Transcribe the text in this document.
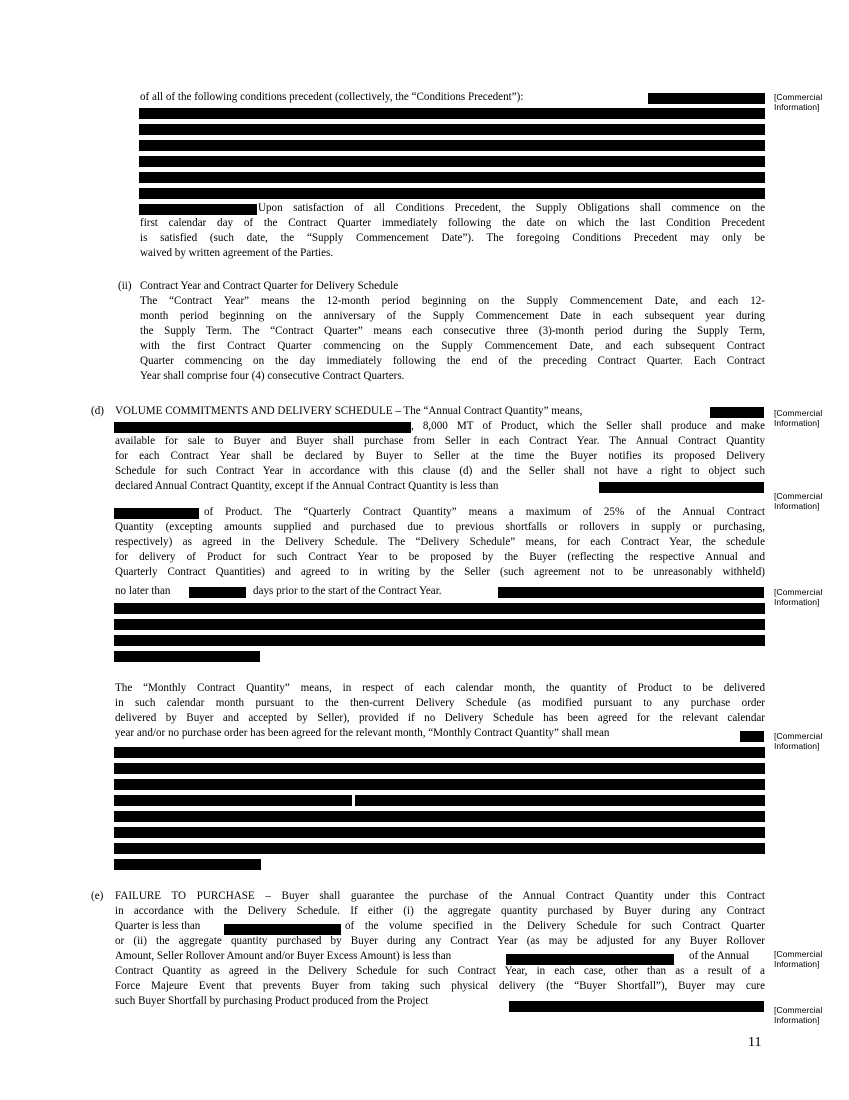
of all of the following conditions precedent (collectively, the “Conditions Precedent”):
Upon satisfaction of all Conditions Precedent, the Supply Obligations shall commence on the
first calendar day of the Contract Quarter immediately following the date on which the last Condition Precedent
is satisfied (such date, the “Supply Commencement Date”). The foregoing Conditions Precedent may only be
waived by written agreement of the Parties.
[Commercial
Information]
(ii) Contract Year and Contract Quarter for Delivery Schedule
The “Contract Year” means the 12-month period beginning on the Supply Commencement Date, and each 12-
month period beginning on the anniversary of the Supply Commencement Date in each subsequent year during
the Supply Term. The “Contract Quarter” means each consecutive three (3)-month period during the Supply Term,
with the first Contract Quarter commencing on the Supply Commencement Date, and each subsequent Contract
Quarter commencing on the day immediately following the end of the preceding Contract Quarter. Each Contract
Year shall comprise four (4) consecutive Contract Quarters.
(d) VOLUME COMMITMENTS AND DELIVERY SCHEDULE – The “Annual Contract Quantity” means,
, 8,000 MT of Product, which the Seller shall produce and make
available for sale to Buyer and Buyer shall purchase from Seller in each Contract Year. The Annual Contract Quantity
for each Contract Year shall be declared by Buyer to Seller at the time the Buyer notifies its proposed Delivery
Schedule for such Contract Year in accordance with this clause (d) and the Seller shall not have a right to object such
declared Annual Contract Quantity, except if the Annual Contract Quantity is less than
of Product. The “Quarterly Contract Quantity” means a maximum of 25% of the Annual Contract
Quantity (excepting amounts supplied and purchased due to previous shortfalls or rollovers in supply or purchasing,
respectively) as agreed in the Delivery Schedule. The “Delivery Schedule” means, for each Contract Year, the schedule
for delivery of Product for such Contract Year to be proposed by the Buyer (reflecting the respective Annual and
Quarterly Contract Quantities) and agreed to in writing by the Seller (such agreement not to be unreasonably withheld)
no later than	days prior to the start of the Contract Year.
[Commercial
Information]
[Commercial
Information]
[Commercial
Information]
The “Monthly Contract Quantity” means, in respect of each calendar month, the quantity of Product to be delivered
in such calendar month pursuant to the then-current Delivery Schedule (as modified pursuant to any purchase order
delivered by Buyer and accepted by Seller), provided if no Delivery Schedule has been agreed for the relevant calendar
year and/or no purchase order has been agreed for the relevant month, “Monthly Contract Quantity” shall mean	[Commercial
Information]
(e) FAILURE TO PURCHASE – Buyer shall guarantee the purchase of the Annual Contract Quantity under this Contract
in accordance with the Delivery Schedule. If either (i) the aggregate quantity purchased by Buyer during any Contract
Quarter is less than	of the volume specified in the Delivery Schedule for such Contract Quarter
or (ii) the aggregate quantity purchased by Buyer during any Contract Year (as may be adjusted for any Buyer Rollover
Amount, Seller Rollover Amount and/or Buyer Excess Amount) is less than	of the Annual
Contract Quantity as agreed in the Delivery Schedule for such Contract Year, in each case, other than as a result of a
Force Majeure Event that prevents Buyer from taking such physical delivery (the “Buyer Shortfall”), Buyer may cure
such Buyer Shortfall by purchasing Product produced from the Project
[Commercial
Information]
[Commercial
Information]
11
